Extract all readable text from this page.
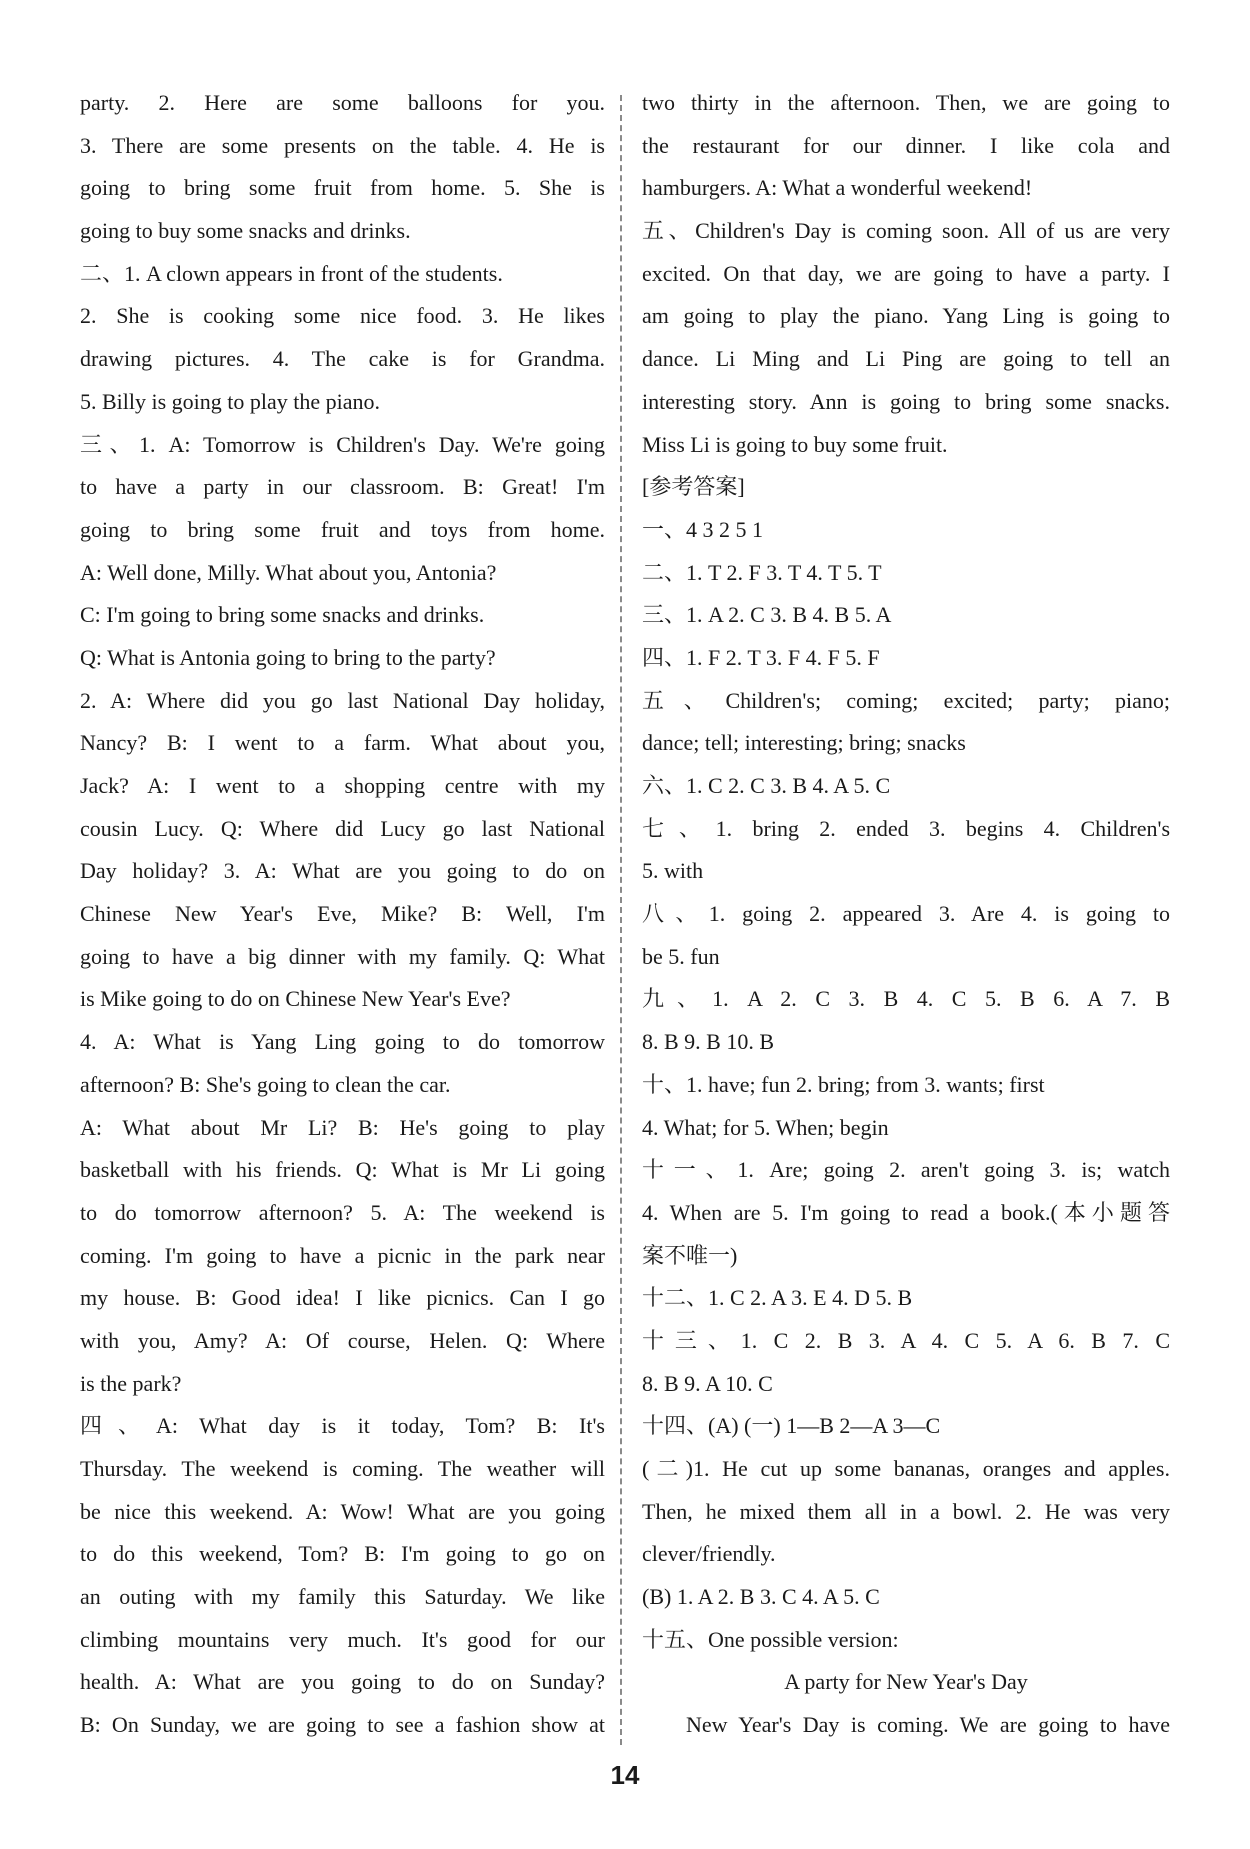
party. 2. Here are some balloons for you.
3. There are some presents on the table. 4. He is
going to bring some fruit from home. 5. She is
going to buy some snacks and drinks.
二、1. A clown appears in front of the students.
2. She is cooking some nice food. 3. He likes
drawing pictures. 4. The cake is for Grandma.
5. Billy is going to play the piano.
三、1. A: Tomorrow is Children's Day. We're going
to have a party in our classroom. B: Great! I'm
going to bring some fruit and toys from home.
A: Well done, Milly. What about you, Antonia?
C: I'm going to bring some snacks and drinks.
Q: What is Antonia going to bring to the party?
2. A: Where did you go last National Day holiday,
Nancy? B: I went to a farm. What about you,
Jack? A: I went to a shopping centre with my
cousin Lucy. Q: Where did Lucy go last National
Day holiday? 3. A: What are you going to do on
Chinese New Year's Eve, Mike? B: Well, I'm
going to have a big dinner with my family. Q: What
is Mike going to do on Chinese New Year's Eve?
4. A: What is Yang Ling going to do tomorrow
afternoon? B: She's going to clean the car.
A: What about Mr Li? B: He's going to play
basketball with his friends. Q: What is Mr Li going
to do tomorrow afternoon? 5. A: The weekend is
coming. I'm going to have a picnic in the park near
my house. B: Good idea! I like picnics. Can I go
with you, Amy? A: Of course, Helen. Q: Where
is the park?
四、A: What day is it today, Tom? B: It's
Thursday. The weekend is coming. The weather will
be nice this weekend. A: Wow! What are you going
to do this weekend, Tom? B: I'm going to go on
an outing with my family this Saturday. We like
climbing mountains very much. It's good for our
health. A: What are you going to do on Sunday?
B: On Sunday, we are going to see a fashion show at
two thirty in the afternoon. Then, we are going to
the restaurant for our dinner. I like cola and
hamburgers. A: What a wonderful weekend!
五、Children's Day is coming soon. All of us are very
excited. On that day, we are going to have a party. I
am going to play the piano. Yang Ling is going to
dance. Li Ming and Li Ping are going to tell an
interesting story. Ann is going to bring some snacks.
Miss Li is going to buy some fruit.
[参考答案]
一、4 3 2 5 1
二、1. T 2. F 3. T 4. T 5. T
三、1. A 2. C 3. B 4. B 5. A
四、1. F 2. T 3. F 4. F 5. F
五、Children's; coming; excited; party; piano;
dance; tell; interesting; bring; snacks
六、1. C 2. C 3. B 4. A 5. C
七、1. bring 2. ended 3. begins 4. Children's
5. with
八、1. going 2. appeared 3. Are 4. is going to
be 5. fun
九、1. A 2. C 3. B 4. C 5. B 6. A 7. B
8. B 9. B 10. B
十、1. have; fun 2. bring; from 3. wants; first
4. What; for 5. When; begin
十一、1. Are; going 2. aren't going 3. is; watch
4. When are 5. I'm going to read a book.(本小题答
案不唯一)
十二、1. C 2. A 3. E 4. D 5. B
十三、1. C 2. B 3. A 4. C 5. A 6. B 7. C
8. B 9. A 10. C
十四、(A) (一) 1—B 2—A 3—C
(二)1. He cut up some bananas, oranges and apples.
Then, he mixed them all in a bowl. 2. He was very
clever/friendly.
(B) 1. A 2. B 3. C 4. A 5. C
十五、One possible version:
A party for New Year's Day
New Year's Day is coming. We are going to have
14
